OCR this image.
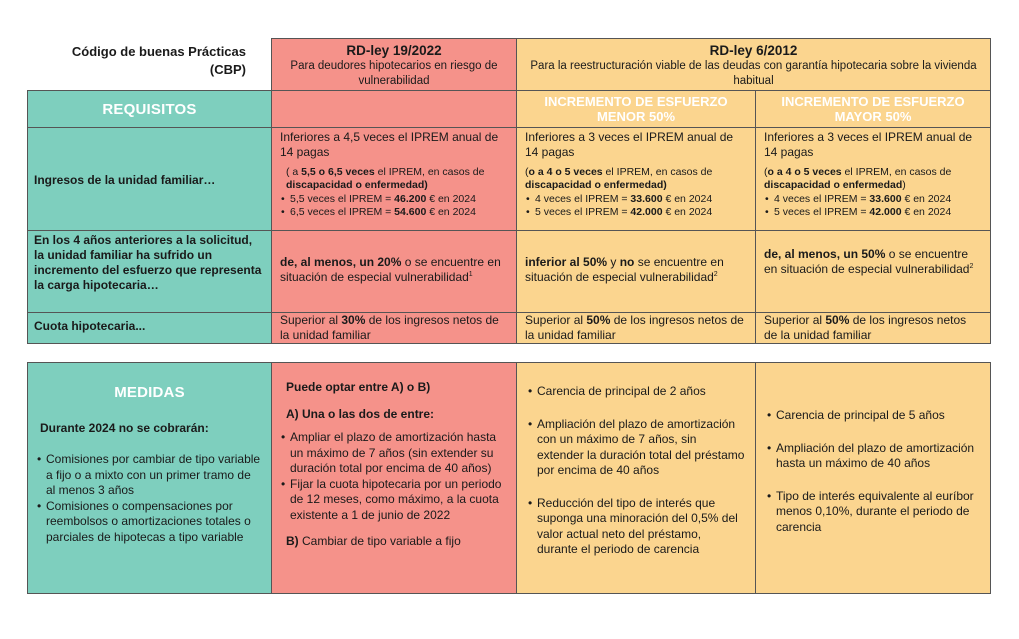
Código de buenas Prácticas
(CBP)
RD-ley 19/2022
Para deudores hipotecarios en riesgo de vulnerabilidad
RD-ley 6/2012
Para la reestructuración viable de las deudas con garantía hipotecaria sobre la vivienda habitual
REQUISITOS	INCREMENTO DE ESFUERZO MENOR 50%
INCREMENTO DE ESFUERZO MAYOR 50%
Ingresos de la unidad familiar…
Inferiores a 4,5 veces el IPREM anual de 14 pagas
( a 5,5 o 6,5 veces el IPREM, en casos de discapacidad o enfermedad)
• 5,5 veces el IPREM = 46.200 € en 2024
• 6,5 veces el IPREM = 54.600 € en 2024
Inferiores a 3 veces el IPREM anual de 14 pagas
(o a 4 o 5 veces el IPREM, en casos de discapacidad o enfermedad)
• 4 veces el IPREM = 33.600 € en 2024
• 5 veces el IPREM = 42.000 € en 2024
Inferiores a 3 veces el IPREM anual de 14 pagas
(o a 4 o 5 veces el IPREM, en casos de discapacidad o enfermedad)
• 4 veces el IPREM = 33.600 € en 2024
• 5 veces el IPREM = 42.000 € en 2024
En los 4 años anteriores a la solicitud, la unidad familiar ha sufrido un incremento del esfuerzo que representa la carga hipotecaria…
de, al menos, un 20% o se encuentre en situación de especial vulnerabilidad$^1$
inferior al 50% y no se encuentre en situación de especial vulnerabilidad$^2$
de, al menos, un 50% o se encuentre en situación de especial vulnerabilidad$^2$
Cuota hipotecaria...	Superior al 30% de los ingresos netos de la unidad familiar
Superior al 50% de los ingresos netos de la unidad familiar
Superior al 50% de los ingresos netos de la unidad familiar
MEDIDAS
Durante 2024 no se cobrarán:
• Comisiones por cambiar de tipo variable a fijo o a mixto con un primer tramo de al menos 3 años
• Comisiones o compensaciones por reembolsos o amortizaciones totales o parciales de hipotecas a tipo variable
Puede optar entre A) o B)
A) Una o las dos de entre:
• Ampliar el plazo de amortización hasta un máximo de 7 años (sin extender su duración total por encima de 40 años)
• Fijar la cuota hipotecaria por un periodo de 12 meses, como máximo, a la cuota existente a 1 de junio de 2022
B) Cambiar de tipo variable a fijo
• Carencia de principal de 2 años
• Ampliación del plazo de amortización con un máximo de 7 años, sin extender la duración total del préstamo por encima de 40 años
• Reducción del tipo de interés que suponga una minoración del 0,5% del valor actual neto del préstamo, durante el periodo de carencia
• Carencia de principal de 5 años
• Ampliación del plazo de amortización hasta un máximo de 40 años
• Tipo de interés equivalente al euríbor menos 0,10%, durante el periodo de carencia
